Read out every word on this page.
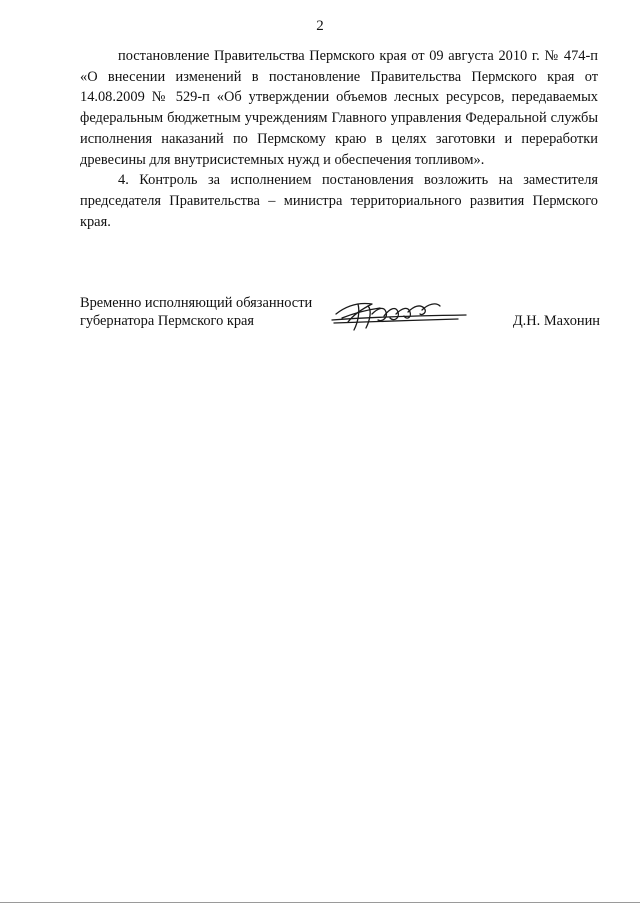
2

постановление Правительства Пермского края от 09 августа 2010 г. № 474-п «О внесении изменений в постановление Правительства Пермского края от 14.08.2009 № 529-п «Об утверждении объемов лесных ресурсов, передаваемых федеральным бюджетным учреждениям Главного управления Федеральной службы исполнения наказаний по Пермскому краю в целях заготовки и переработки древесины для внутрисистемных нужд и обеспечения топливом».

4. Контроль за исполнением постановления возложить на заместителя председателя Правительства – министра территориального развития Пермского края.

Временно исполняющий обязанности
губернатора Пермского края	Д.Н. Махонин
